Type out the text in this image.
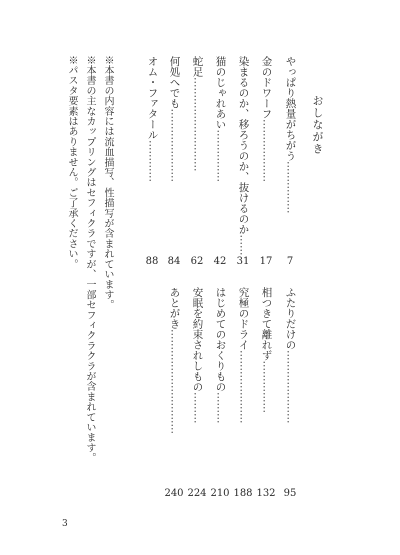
おしながき
やっぱり熱量がちがう……………
7
金のドワーフ………………
17
染まるのか、移ろうのか、抜けるのか……
31
猫のじゃれあい……………
42
蛇足………………………
62
何処へでも…………………
84
オム・ファタール…………
88
ふたりだけの…………………
95
相つきて離れず……………
132
究極のドライ…………………
188
はじめてのおくりもの………
210
安眠を約束されしもの………
224
あとがき…………………………
240
※本書の内容には流血描写、性描写が含まれています。
※本書の主なカップリングはセフィクラですが、一部セフィクラクラが含まれています。
※パスタ要素はありません。ご了承ください。
3
